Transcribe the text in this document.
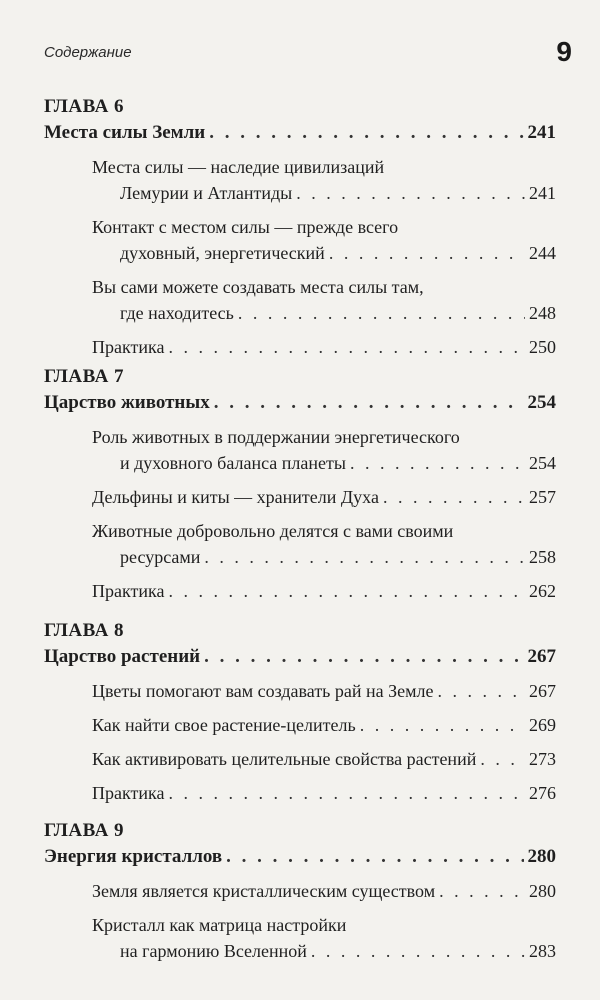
Содержание	9
ГЛАВА 6
Места силы Земли . . .	241
Места силы — наследие цивилизаций
Лемурии и Атлантиды . . .	241
Контакт с местом силы — прежде всего
духовный, энергетический . . .	244
Вы сами можете создавать места силы там,
где находитесь . . .	248
Практика . . .	250
ГЛАВА 7
Царство животных . . .	254
Роль животных в поддержании энергетического
и духовного баланса планеты . . .	254
Дельфины и киты — хранители Духа . . .	257
Животные добровольно делятся с вами своими
ресурсами . . .	258
Практика . . .	262
ГЛАВА 8
Царство растений . . .	267
Цветы помогают вам создавать рай на Земле . . .	267
Как найти свое растение-целитель . . .	269
Как активировать целительные свойства растений . . .	273
Практика . . .	276
ГЛАВА 9
Энергия кристаллов . . .	280
Земля является кристаллическим существом . . .	280
Кристалл как матрица настройки
на гармонию Вселенной . . .	283
